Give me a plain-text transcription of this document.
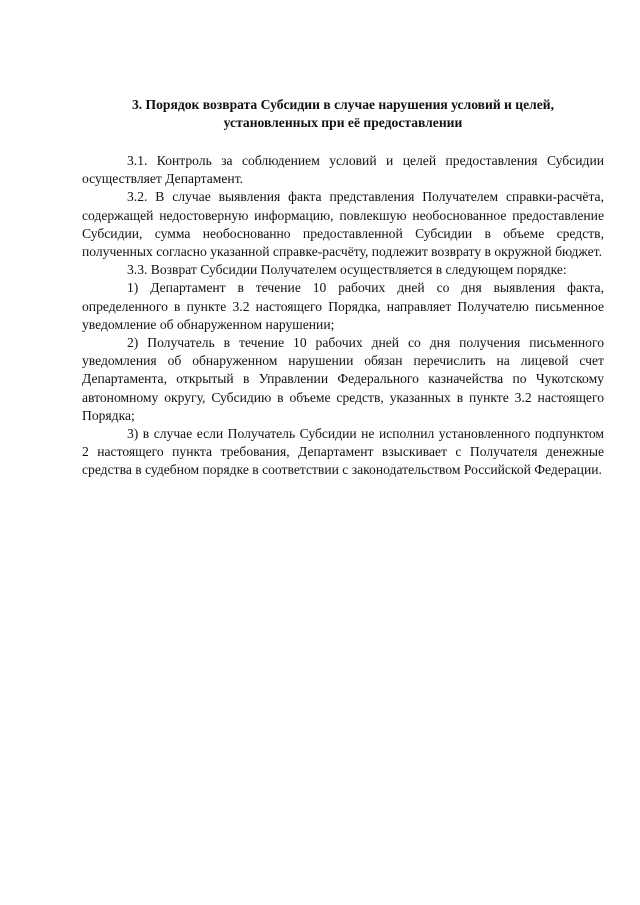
3. Порядок возврата Субсидии в случае нарушения условий и целей,
установленных при её предоставлении

3.1. Контроль за соблюдением условий и целей предоставления Субсидии осуществляет Департамент.

3.2. В случае выявления факта представления Получателем справки-расчёта, содержащей недостоверную информацию, повлекшую необоснованное предоставление Субсидии, сумма необоснованно предоставленной Субсидии в объеме средств, полученных согласно указанной справке-расчёту, подлежит возврату в окружной бюджет.

3.3. Возврат Субсидии Получателем осуществляется в следующем порядке:

1) Департамент в течение 10 рабочих дней со дня выявления факта, определенного в пункте 3.2 настоящего Порядка, направляет Получателю письменное уведомление об обнаруженном нарушении;

2) Получатель в течение 10 рабочих дней со дня получения письменного уведомления об обнаруженном нарушении обязан перечислить на лицевой счет Департамента, открытый в Управлении Федерального казначейства по Чукотскому автономному округу, Субсидию в объеме средств, указанных в пункте 3.2 настоящего Порядка;

3) в случае если Получатель Субсидии не исполнил установленного подпунктом 2 настоящего пункта требования, Департамент взыскивает с Получателя денежные средства в судебном порядке в соответствии с законодательством Российской Федерации.
